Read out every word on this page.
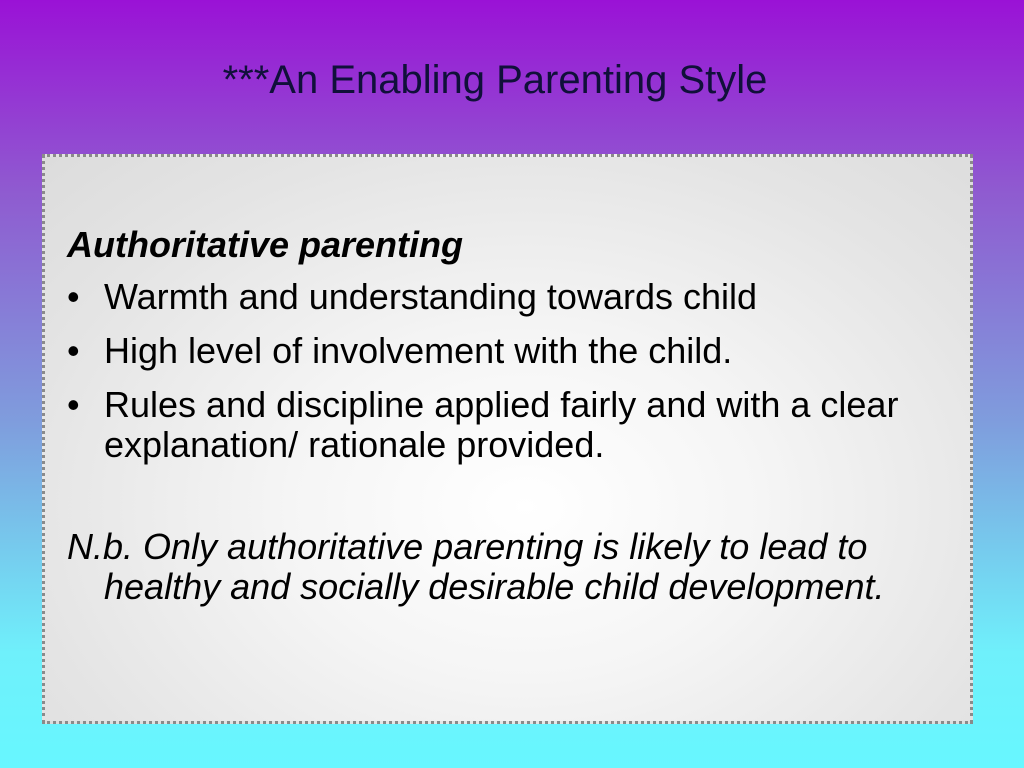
***An Enabling Parenting Style
Authoritative parenting
• Warmth and understanding towards child
• High level of involvement with the child.
• Rules and discipline applied fairly and with a clear explanation/ rationale provided.
N.b. Only authoritative parenting is likely to lead to healthy and socially desirable child development.
